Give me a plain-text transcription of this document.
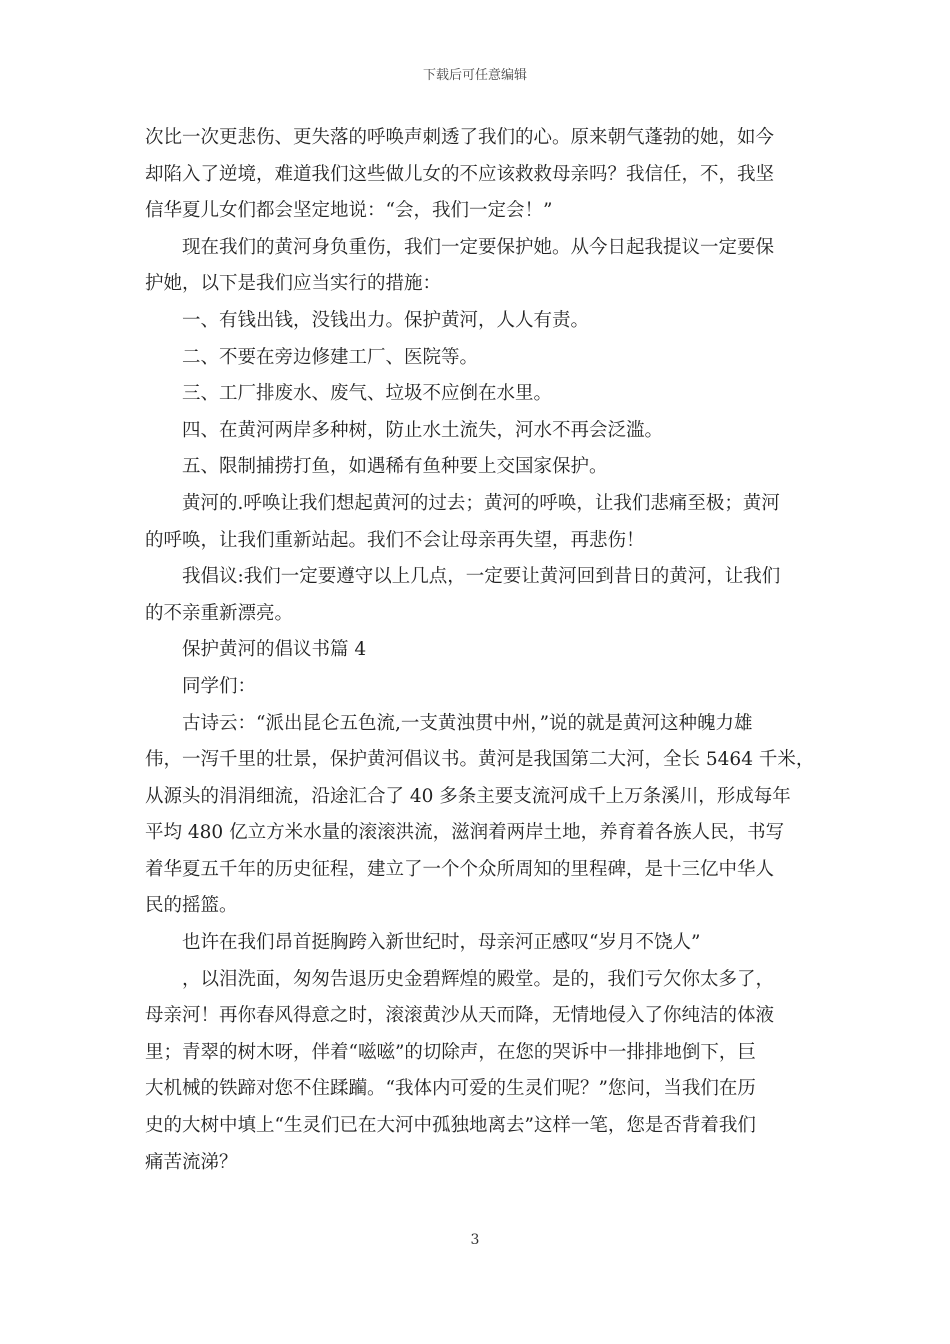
下载后可任意编辑
次比一次更悲伤、更失落的呼唤声刺透了我们的心。原来朝气蓬勃的她，如今
却陷入了逆境，难道我们这些做儿女的不应该救救母亲吗？我信任，不，我坚
信华夏儿女们都会坚定地说：“会，我们一定会！”
现在我们的黄河身负重伤，我们一定要保护她。从今日起我提议一定要保
护她，以下是我们应当实行的措施：
一、有钱出钱，没钱出力。保护黄河，人人有责。
二、不要在旁边修建工厂、医院等。
三、工厂排废水、废气、垃圾不应倒在水里。
四、在黄河两岸多种树，防止水土流失，河水不再会泛滥。
五、限制捕捞打鱼，如遇稀有鱼种要上交国家保护。
黄河的.呼唤让我们想起黄河的过去；黄河的呼唤，让我们悲痛至极；黄河
的呼唤，让我们重新站起。我们不会让母亲再失望，再悲伤！
我倡议:我们一定要遵守以上几点，一定要让黄河回到昔日的黄河，让我们
的不亲重新漂亮。
保护黄河的倡议书篇 4
同学们：
古诗云：“派出昆仑五色流,一支黄浊贯中州，”说的就是黄河这种魄力雄
伟，一泻千里的壮景，保护黄河倡议书。黄河是我国第二大河，全长 5464 千米，
从源头的涓涓细流，沿途汇合了 40 多条主要支流河成千上万条溪川，形成每年
平均 480 亿立方米水量的滚滚洪流，滋润着两岸土地，养育着各族人民，书写
着华夏五千年的历史征程，建立了一个个众所周知的里程碑，是十三亿中华人
民的摇篮。
也许在我们昂首挺胸跨入新世纪时，母亲河正感叹“岁月不饶人”
，以泪洗面，匆匆告退历史金碧辉煌的殿堂。是的，我们亏欠你太多了，
母亲河！再你春风得意之时，滚滚黄沙从天而降，无情地侵入了你纯洁的体液
里；青翠的树木呀，伴着“嗞嗞”的切除声，在您的哭诉中一排排地倒下，巨
大机械的铁蹄对您不住蹂躏。“我体内可爱的生灵们呢？”您问，当我们在历
史的大树中填上“生灵们已在大河中孤独地离去”这样一笔，您是否背着我们
痛苦流涕？
3
